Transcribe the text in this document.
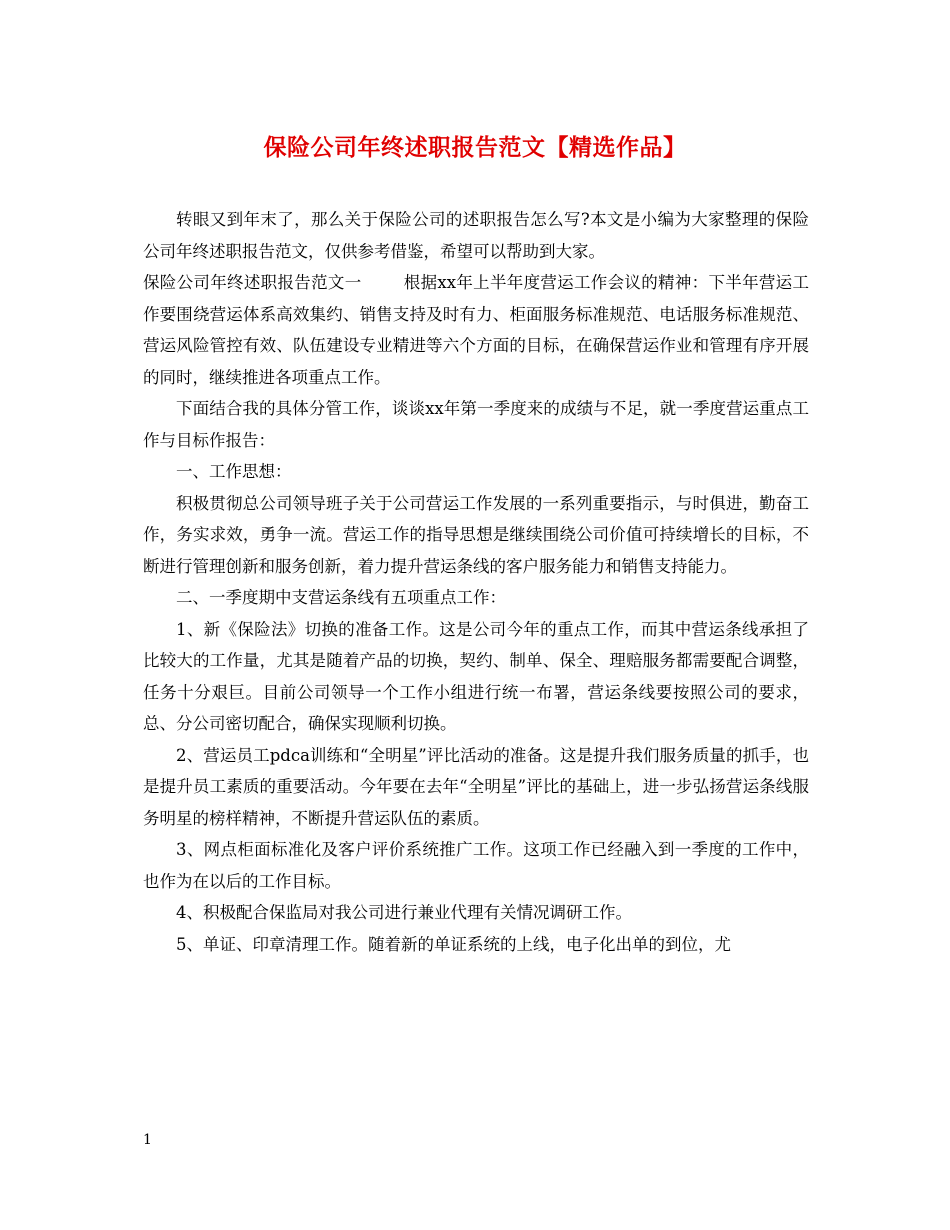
保险公司年终述职报告范文【精选作品】

转眼又到年末了，那么关于保险公司的述职报告怎么写?本文是小编为大家整理的保险公司年终述职报告范文，仅供参考借鉴，希望可以帮助到大家。

保险公司年终述职报告范文一	根据xx年上半年度营运工作会议的精神：下半年营运工作要围绕营运体系高效集约、销售支持及时有力、柜面服务标准规范、电话服务标准规范、营运风险管控有效、队伍建设专业精进等六个方面的目标，在确保营运作业和管理有序开展的同时，继续推进各项重点工作。

下面结合我的具体分管工作，谈谈xx年第一季度来的成绩与不足，就一季度营运重点工作与目标作报告：

一、工作思想：

积极贯彻总公司领导班子关于公司营运工作发展的一系列重要指示，与时俱进，勤奋工作，务实求效，勇争一流。营运工作的指导思想是继续围绕公司价值可持续增长的目标，不断进行管理创新和服务创新，着力提升营运条线的客户服务能力和销售支持能力。

二、一季度期中支营运条线有五项重点工作：

1、新《保险法》切换的准备工作。这是公司今年的重点工作，而其中营运条线承担了比较大的工作量，尤其是随着产品的切换，契约、制单、保全、理赔服务都需要配合调整，任务十分艰巨。目前公司领导一个工作小组进行统一布署，营运条线要按照公司的要求，总、分公司密切配合，确保实现顺利切换。

2、营运员工pdca训练和“全明星”评比活动的准备。这是提升我们服务质量的抓手，也是提升员工素质的重要活动。今年要在去年“全明星”评比的基础上，进一步弘扬营运条线服务明星的榜样精神，不断提升营运队伍的素质。

3、网点柜面标准化及客户评价系统推广工作。这项工作已经融入到一季度的工作中，也作为在以后的工作目标。

4、积极配合保监局对我公司进行兼业代理有关情况调研工作。

5、单证、印章清理工作。随着新的单证系统的上线，电子化出单的到位，尤

1
